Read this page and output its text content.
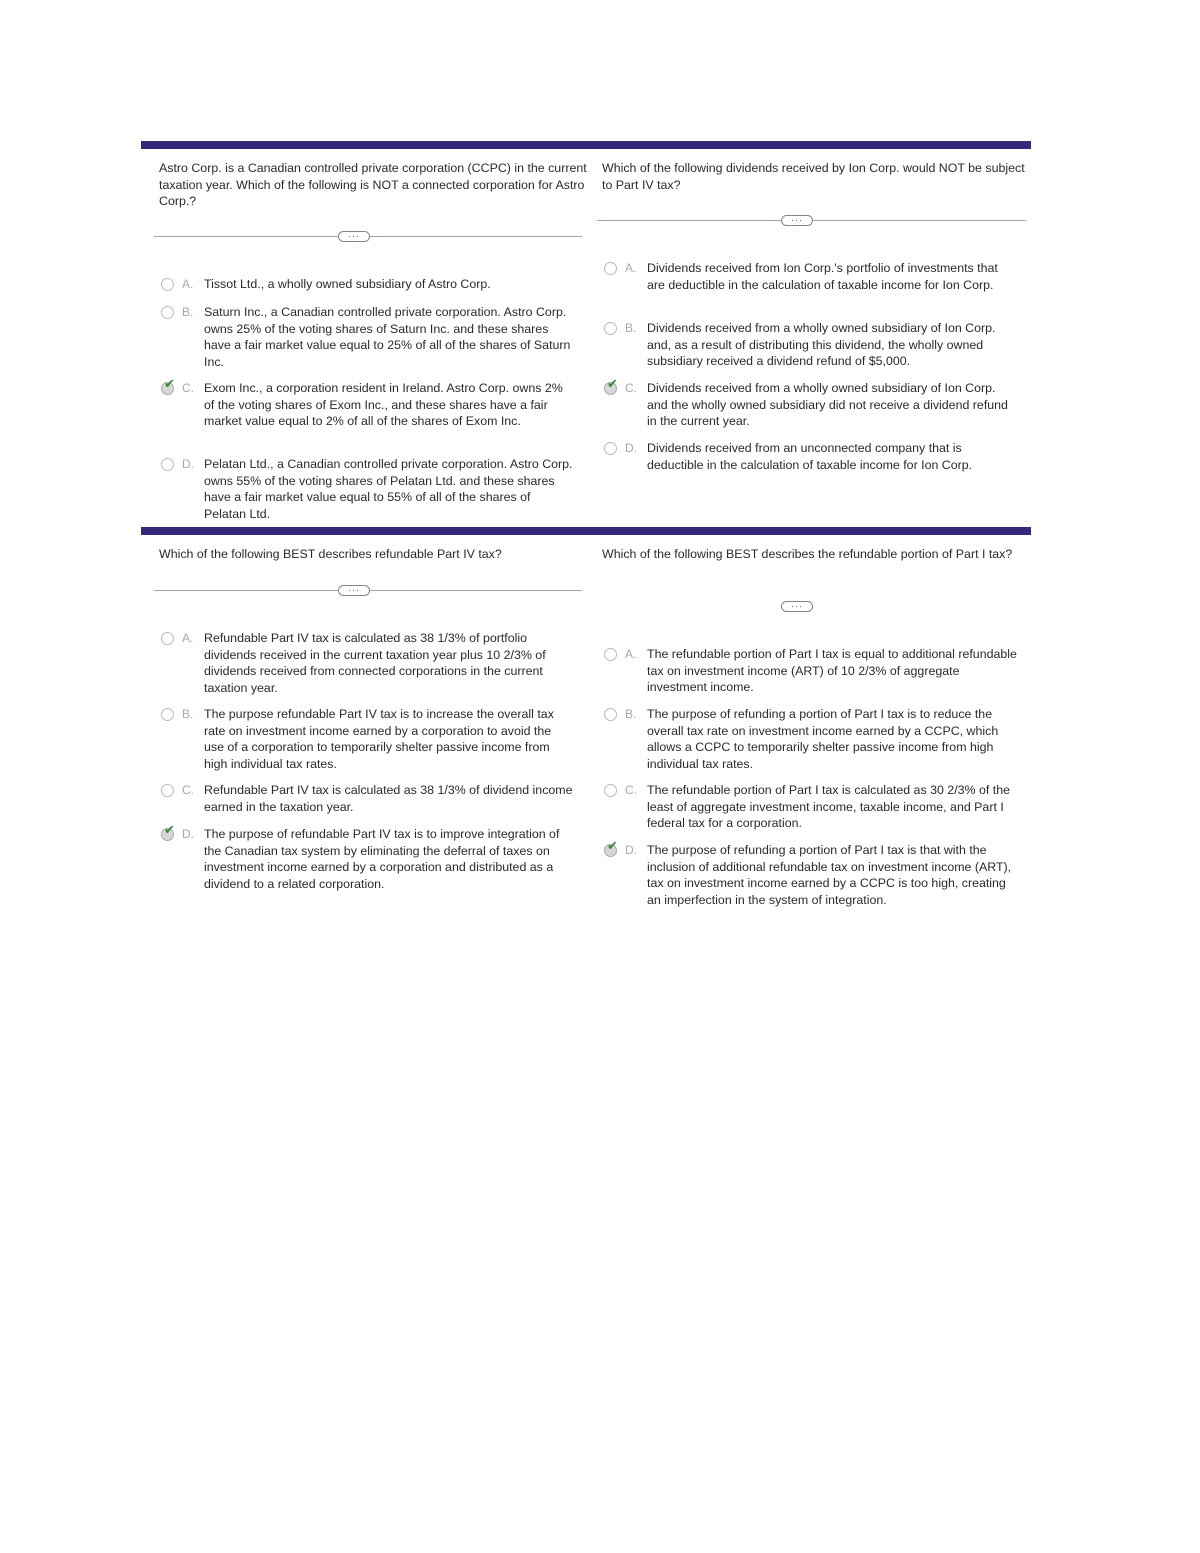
Astro Corp. is a Canadian controlled private corporation (CCPC) in the current taxation year. Which of the following is NOT a connected corporation for Astro Corp.?

···
A. Tissot Ltd., a wholly owned subsidiary of Astro Corp.
B. Saturn Inc., a Canadian controlled private corporation. Astro Corp. owns 25% of the voting shares of Saturn Inc. and these shares have a fair market value equal to 25% of all of the shares of Saturn Inc.
✔ C. Exom Inc., a corporation resident in Ireland. Astro Corp. owns 2% of the voting shares of Exom Inc., and these shares have a fair market value equal to 2% of all of the shares of Exom Inc.
D. Pelatan Ltd., a Canadian controlled private corporation. Astro Corp. owns 55% of the voting shares of Pelatan Ltd. and these shares have a fair market value equal to 55% of all of the shares of Pelatan Ltd.

Which of the following dividends received by Ion Corp. would NOT be subject to Part IV tax?

···
A. Dividends received from Ion Corp.'s portfolio of investments that are deductible in the calculation of taxable income for Ion Corp.
B. Dividends received from a wholly owned subsidiary of Ion Corp. and, as a result of distributing this dividend, the wholly owned subsidiary received a dividend refund of $5,000.
✔ C. Dividends received from a wholly owned subsidiary of Ion Corp. and the wholly owned subsidiary did not receive a dividend refund in the current year.
D. Dividends received from an unconnected company that is deductible in the calculation of taxable income for Ion Corp.

Which of the following BEST describes refundable Part IV tax?

···
A. Refundable Part IV tax is calculated as 38 1/3% of portfolio dividends received in the current taxation year plus 10 2/3% of dividends received from connected corporations in the current taxation year.
B. The purpose refundable Part IV tax is to increase the overall tax rate on investment income earned by a corporation to avoid the use of a corporation to temporarily shelter passive income from high individual tax rates.
C. Refundable Part IV tax is calculated as 38 1/3% of dividend income earned in the taxation year.
✔ D. The purpose of refundable Part IV tax is to improve integration of the Canadian tax system by eliminating the deferral of taxes on investment income earned by a corporation and distributed as a dividend to a related corporation.

Which of the following BEST describes the refundable portion of Part I tax?

···
A. The refundable portion of Part I tax is equal to additional refundable tax on investment income (ART) of 10 2/3% of aggregate investment income.
B. The purpose of refunding a portion of Part I tax is to reduce the overall tax rate on investment income earned by a CCPC, which allows a CCPC to temporarily shelter passive income from high individual tax rates.
C. The refundable portion of Part I tax is calculated as 30 2/3% of the least of aggregate investment income, taxable income, and Part I federal tax for a corporation.
✔ D. The purpose of refunding a portion of Part I tax is that with the inclusion of additional refundable tax on investment income (ART), tax on investment income earned by a CCPC is too high, creating an imperfection in the system of integration.
